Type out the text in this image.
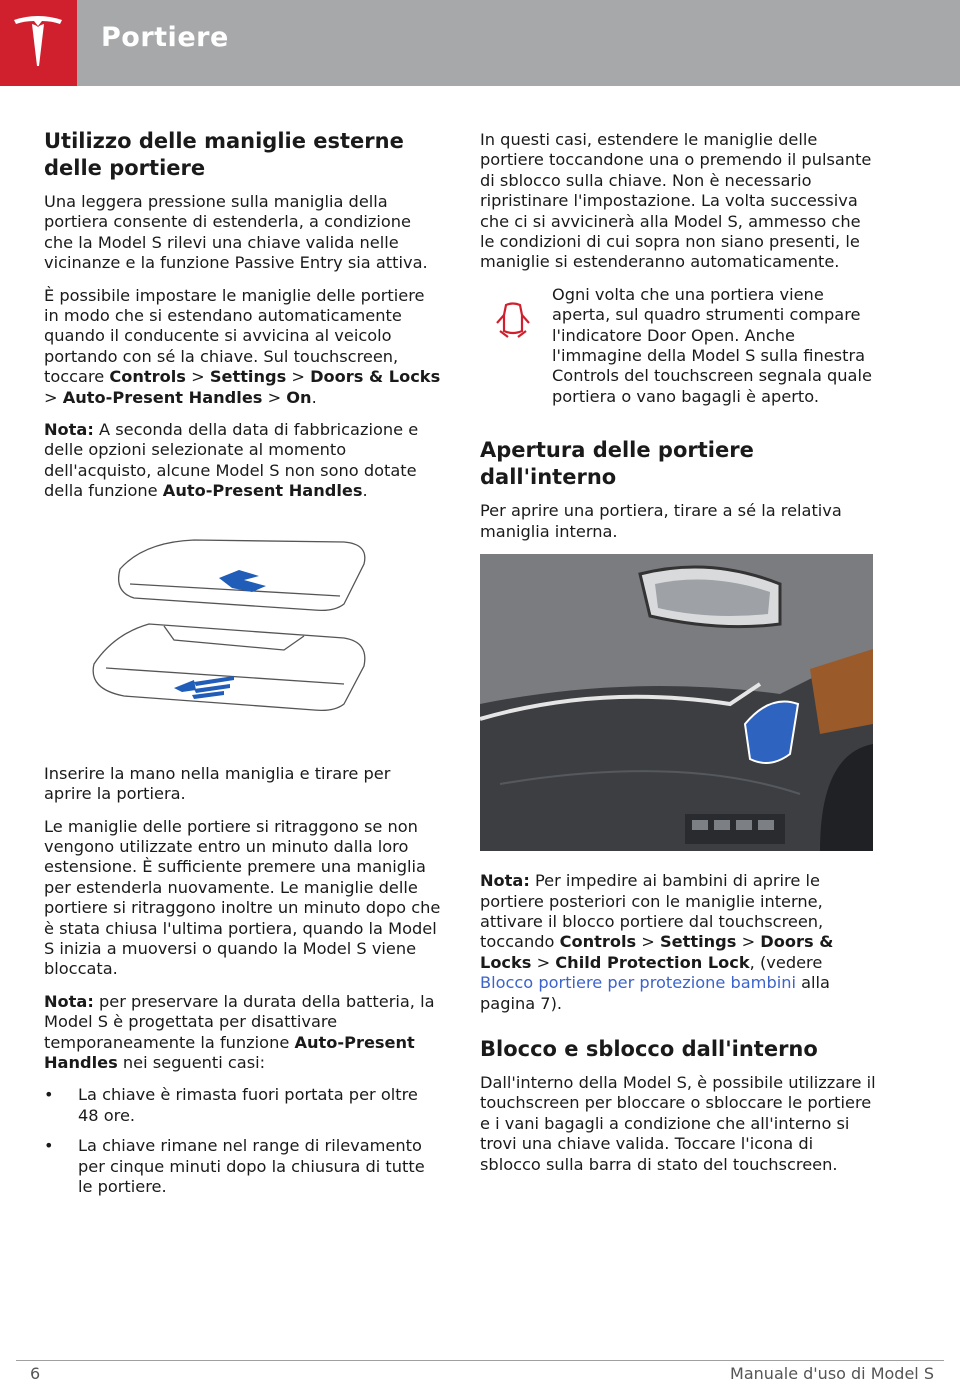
Portiere
Utilizzo delle maniglie esterne delle portiere

Una leggera pressione sulla maniglia della portiera consente di estenderla, a condizione che la Model S rilevi una chiave valida nelle vicinanze e la funzione Passive Entry sia attiva.

È possibile impostare le maniglie delle portiere in modo che si estendano automaticamente quando il conducente si avvicina al veicolo portando con sé la chiave. Sul touchscreen, toccare Controls > Settings > Doors & Locks > Auto-Present Handles > On.

Nota: A seconda della data di fabbricazione e delle opzioni selezionate al momento dell'acquisto, alcune Model S non sono dotate della funzione Auto-Present Handles.

Inserire la mano nella maniglia e tirare per aprire la portiera.

Le maniglie delle portiere si ritraggono se non vengono utilizzate entro un minuto dalla loro estensione. È sufficiente premere una maniglia per estenderla nuovamente. Le maniglie delle portiere si ritraggono inoltre un minuto dopo che è stata chiusa l'ultima portiera, quando la Model S inizia a muoversi o quando la Model S viene bloccata.

Nota: per preservare la durata della batteria, la Model S è progettata per disattivare temporaneamente la funzione Auto-Present Handles nei seguenti casi:

• La chiave è rimasta fuori portata per oltre 48 ore.
• La chiave rimane nel range di rilevamento per cinque minuti dopo la chiusura di tutte le portiere.

In questi casi, estendere le maniglie delle portiere toccandone una o premendo il pulsante di sblocco sulla chiave. Non è necessario ripristinare l'impostazione. La volta successiva che ci si avvicinerà alla Model S, ammesso che le condizioni di cui sopra non siano presenti, le maniglie si estenderanno automaticamente.

Ogni volta che una portiera viene aperta, sul quadro strumenti compare l'indicatore Door Open. Anche l'immagine della Model S sulla finestra Controls del touchscreen segnala quale portiera o vano bagagli è aperto.
Apertura delle portiere dall'interno

Per aprire una portiera, tirare a sé la relativa maniglia interna.

Nota: Per impedire ai bambini di aprire le portiere posteriori con le maniglie interne, attivare il blocco portiere dal touchscreen, toccando Controls > Settings > Doors & Locks > Child Protection Lock, (vedere Blocco portiere per protezione bambini alla pagina 7).

Blocco e sblocco dall'interno

Dall'interno della Model S, è possibile utilizzare il touchscreen per bloccare o sbloccare le portiere e i vani bagagli a condizione che all'interno si trovi una chiave valida. Toccare l'icona di sblocco sulla barra di stato del touchscreen.

6	Manuale d'uso di Model S
